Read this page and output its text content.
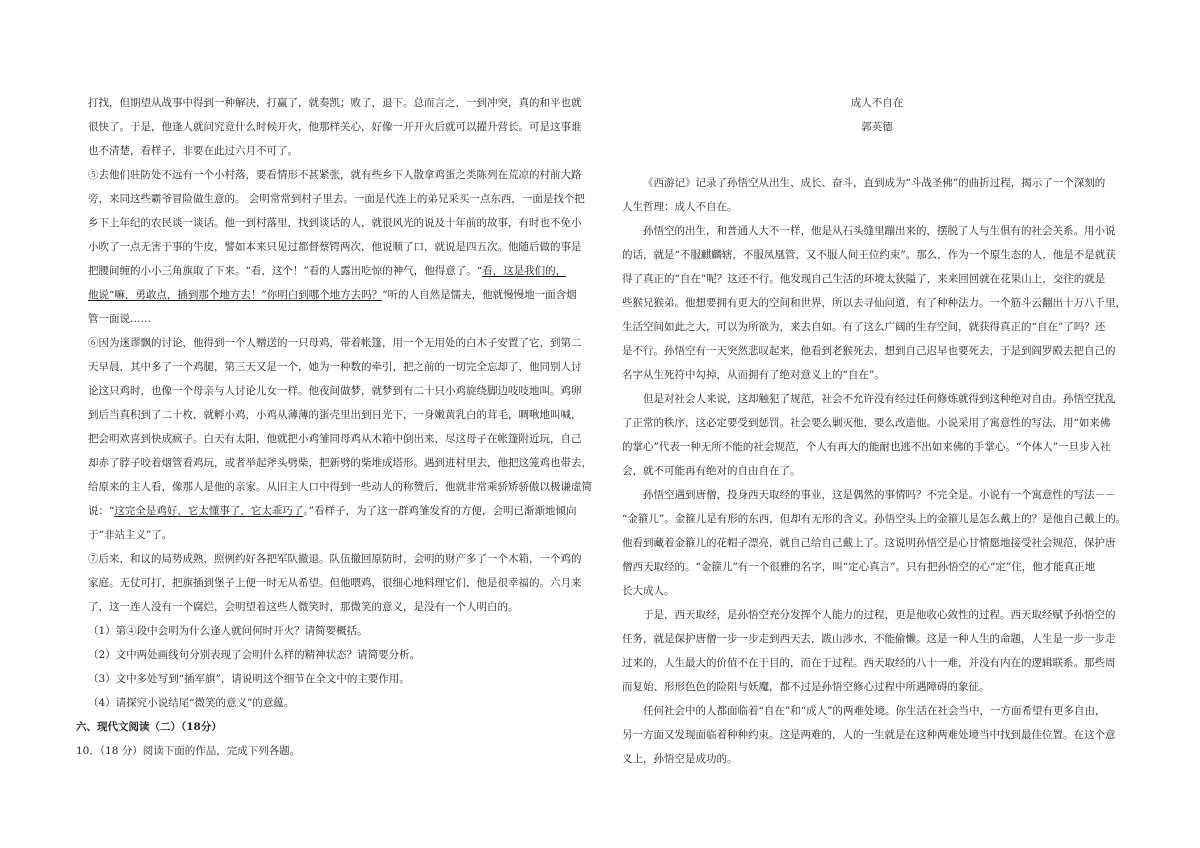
打找，但期望从战事中得到一种解决，打赢了，就奏凯；败了，退下。总而言之，一到冲突，真的和平也就
很快了。于是，他逢人就问究竟什么时候开火，他那样关心，好像一开开火后就可以擢升营长。可是这事谁
也不清楚，看样子，非要在此过六月不可了。
⑤去他们驻防处不远有一个小村落，要看情形不甚紧张，就有些乡下人散拿鸡蛋之类陈列在荒凉的村前大路
旁，来同这些霸爷冒险做生意的。 会明常常到村子里去。一面是代连上的弟兄采买一点东西，一面是找个把
乡下上年纪的农民谈一谈话。他一到村落里，找到谈话的人，就很风光的说及十年前的故事，有时也不免小
小吹了一点无害于事的牛皮，譬如本来只见过都督蔡锷两次，他说顺了口，就说是四五次。他随后做的事是
把腰间缠的小小三角旗取了下来。“看，这个！”看的人露出吃惊的神气，他得意了。“看，这是我们的，
他说“嘛，勇敢点，插到那个地方去！”你明白到哪个地方去吗？”听的人自然是懦夫，他就慢慢地一面含烟
管一面说……
⑥因为迷谬飘的讨论，他得到一个人赠送的一只母鸡，带着帐篷，用一个无用处的白木子安置了它，到第二
天早晨，其中多了一个鸡腿，第三天又是一个，她为一种数的牵引，把之前的一切完全忘却了，他同别人讨
论这只鸡时，也像一个母亲与人讨论儿女一样。他夜间做梦，就梦到有二十只小鸡旋绕脚边吱吱地叫。鸡卵
到后当真积到了二十枚，就孵小鸡，小鸡从薄薄的蛋壳里出到日光下，一身嫩黄乳白的茸毛，啁啾地叫喊，
把会明欢喜到快成疯子。白天有太阳，他就把小鸡雏同母鸡从木箱中倒出来，尽这母子在帐篷附近玩，自己
却赤了脖子咬着烟管看鸡玩，或者举起斧头劈柴，把新劈的柴堆成塔形。遇到进村里去，他把这笼鸡也带去，
给原来的主人看，像那人是他的亲家。从旧主人口中得到一些动人的称赞后，他就非常乘骄矫骄傲以极谦虚简
说：“这完全是鸡好，它太懂事了，它太乖巧了。”看样子，为了这一群鸡雏发育的方便，会明已渐渐地倾向
于“非站主义”了。
⑦后来，和议的局势成熟，照例约好各把军队撤退。队伍撤回原防时，会明的财产多了一个木箱，一个鸡的
家庭。无仗可打，把旗插到堡子上便一时无从希望。但他喂鸡，很细心地料理它们，他是很幸福的。六月来
了，这一连人没有一个腐烂，会明望着这些人微笑时，那微笑的意义，是没有一个人明白的。
（1）第④段中会明为什么逢人就问何时开火？请简要概括。
（2）文中两处画线句分别表现了会明什么样的精神状态？请简要分析。
（3）文中多处写到“插军旗”，请说明这个细节在全文中的主要作用。
（4）请探究小说结尾“微笑的意义”的意蕴。
六、现代文阅读（二）（18分）
10．（18 分）阅读下面的作品，完成下列各题。
成人不自在
郭英德
《西游记》记录了孙悟空从出生、成长、奋斗，直到成为“斗战圣佛”的曲折过程，揭示了一个深刻的
人生哲理：成人不自在。
孙悟空的出生，和普通人大不一样，他是从石头缝里蹦出来的，摆脱了人与生俱有的社会关系。用小说
的话，就是“不服麒麟辖，不服凤凰管，又不服人间王位约束”。那么，作为一个原生态的人，他是不是就获
得了真正的“自在”呢？这还不行。他发现自己生活的环境太狭隘了，来来回回就在花果山上，交往的就是
些猴兄猴弟。他想要拥有更大的空间和世界，所以去寻仙问道，有了种种法力。一个筋斗云翻出十万八千里，
生活空间如此之大，可以为所欲为，来去自如。有了这么广阔的生存空间，就获得真正的“自在”了吗？还
是不行。孙悟空有一天突然悲叹起来，他看到老猴死去，想到自己迟早也要死去，于是到阎罗殿去把自己的
名字从生死符中勾掉，从而拥有了绝对意义上的“自在”。
但是对社会人来说，这却触犯了规范，社会不允许没有经过任何修炼就得到这种绝对自由。孙悟空扰乱
了正常的秩序，这必定要受到惩罚。社会要么剿灭他，要么改造他。小说采用了寓意性的写法，用“如来佛
的掌心”代表一种无所不能的社会规范，个人有再大的能耐也逃不出如来佛的手掌心。“个体人”一旦步入社
会，就不可能再有绝对的自由自在了。
孙悟空遇到唐僧，投身西天取经的事业，这是偶然的事情吗？不完全是。小说有一个寓意性的写法－－
“金箍儿”。金箍儿是有形的东西，但却有无形的含义。孙悟空头上的金箍儿是怎么戴上的？是他自己戴上的。
他看到藏着金箍儿的花帽子漂亮，就自己给自己戴上了。这说明孙悟空是心甘情愿地接受社会规范，保护唐
僧西天取经的。“金箍儿”有一个很雅的名字，叫“定心真言”。只有把孙悟空的心“定”住，他才能真正地
长大成人。
于是，西天取经，是孙悟空充分发挥个人能力的过程，更是他收心敛性的过程。西天取经赋予孙悟空的
任务，就是保护唐僧一步一步走到西天去，跋山涉水，不能偷懒。这是一种人生的命题，人生是一步一步走
过来的，人生最大的价值不在于目的，而在于过程。西天取经的八十一难，并没有内在的逻辑联系。那些周
而复始、形形色色的险阻与妖魔，都不过是孙悟空修心过程中所遇障碍的象征。
任何社会中的人都面临着“自在”和“成人”的两难处境。你生活在社会当中，一方面希望有更多自由，
另一方面又发现面临着种种约束。这是两难的，人的一生就是在这种两难处境当中找到最佳位置。在这个意
义上，孙悟空是成功的。
